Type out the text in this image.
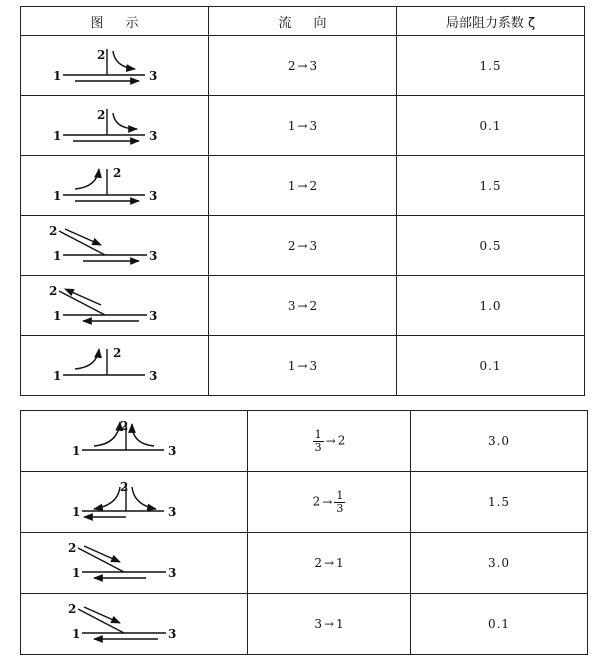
图示	流向	局部阻力系数 ζ

1 3
2	2 → 3	1.5

1 3
2	1 → 3	0.1

1 3
2	1 → 2	1.5

1 3
2	2 → 3	0.5

1 3
2	3 → 2	1.0

1 3
2	1 → 3	0.1
1 3
2	$\frac{1}{3} \to 2$	3.0

1 3
2	$2 \to \frac{1}{3}$	1.5

1 3
2	2 → 1	3.0

1 3
2	3 → 1	0.1
